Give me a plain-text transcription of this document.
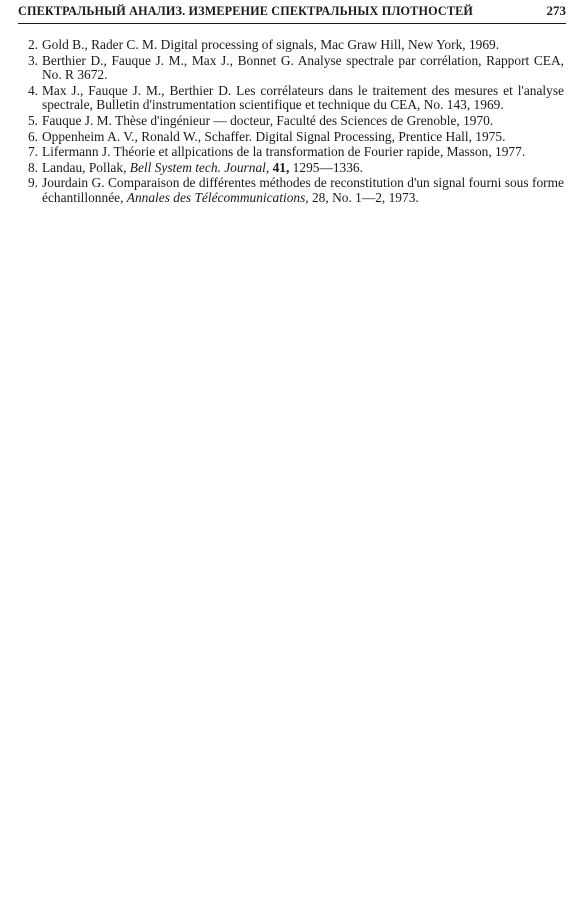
СПЕКТРАЛЬНЫЙ АНАЛИЗ. ИЗМЕРЕНИЕ СПЕКТРАЛЬНЫХ ПЛОТНОСТЕЙ	273
2. Gold B., Rader C. M. Digital processing of signals, Mac Graw Hill, New York, 1969.
3. Berthier D., Fauque J. M., Max J., Bonnet G. Analyse spectrale par corrélation, Rapport CEA, No. R 3672.
4. Max J., Fauque J. M., Berthier D. Les corrélateurs dans le traitement des mesures et l'analyse spectrale, Bulletin d'instrumentation scientifique et technique du CEA, No. 143, 1969.
5. Fauque J. M. Thèse d'ingénieur — docteur, Faculté des Sciences de Grenoble, 1970.
6. Oppenheim A. V., Ronald W., Schaffer. Digital Signal Processing, Prentice Hall, 1975.
7. Lifermann J. Théorie et allpications de la transformation de Fourier rapide, Masson, 1977.
8. Landau, Pollak, Bell System tech. Journal, 41, 1295—1336.
9. Jourdain G. Comparaison de différentes méthodes de reconstitution d'un signal fourni sous forme échantillonnée, Annales des Télécommunications, 28, No. 1—2, 1973.
